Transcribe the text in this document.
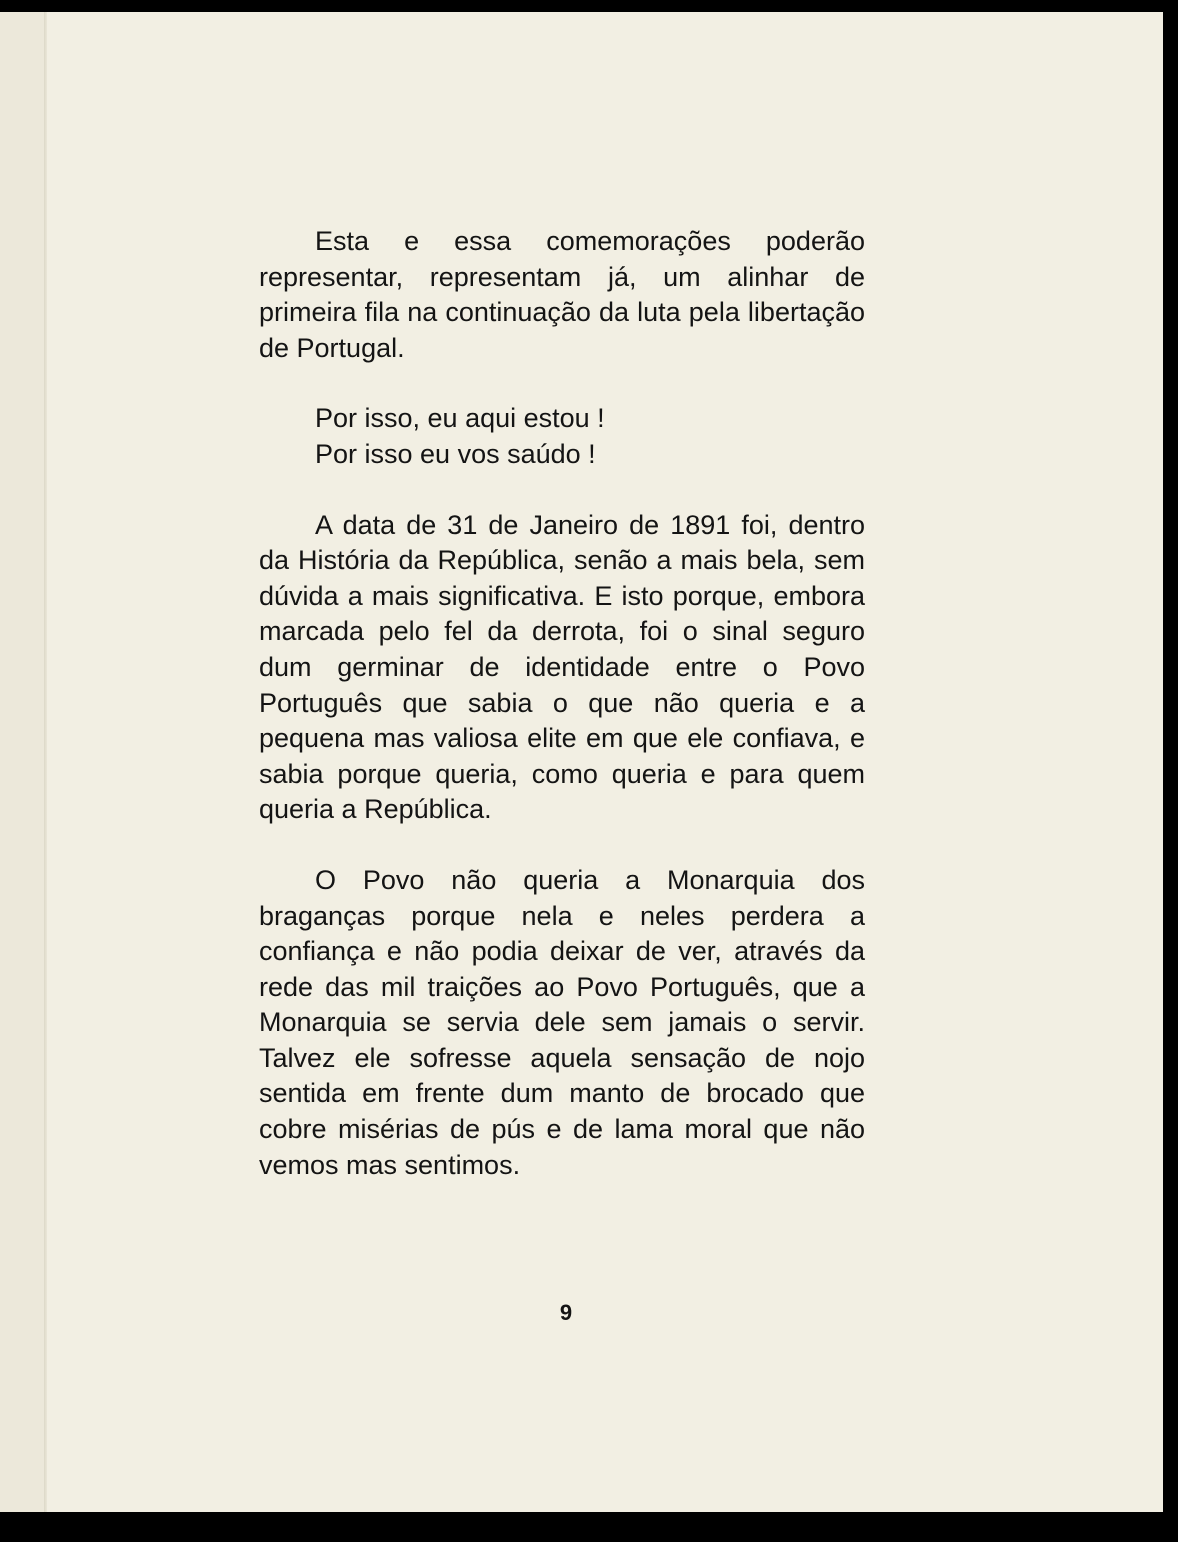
Esta e essa comemorações poderão representar, representam já, um alinhar de primeira fila na continuação da luta pela libertação de Portugal.

Por isso, eu aqui estou !

Por isso eu vos saúdo !

A data de 31 de Janeiro de 1891 foi, dentro da História da República, senão a mais bela, sem dúvida a mais significativa. E isto porque, embora marcada pelo fel da derrota, foi o sinal seguro dum germinar de identidade entre o Povo Português que sabia o que não queria e a pequena mas valiosa elite em que ele confiava, e sabia porque queria, como queria e para quem queria a República.

O Povo não queria a Monarquia dos braganças porque nela e neles perdera a confiança e não podia deixar de ver, através da rede das mil traições ao Povo Português, que a Monarquia se servia dele sem jamais o servir. Talvez ele sofresse aquela sensação de nojo sentida em frente dum manto de brocado que cobre misérias de pús e de lama moral que não vemos mas sentimos.

9
